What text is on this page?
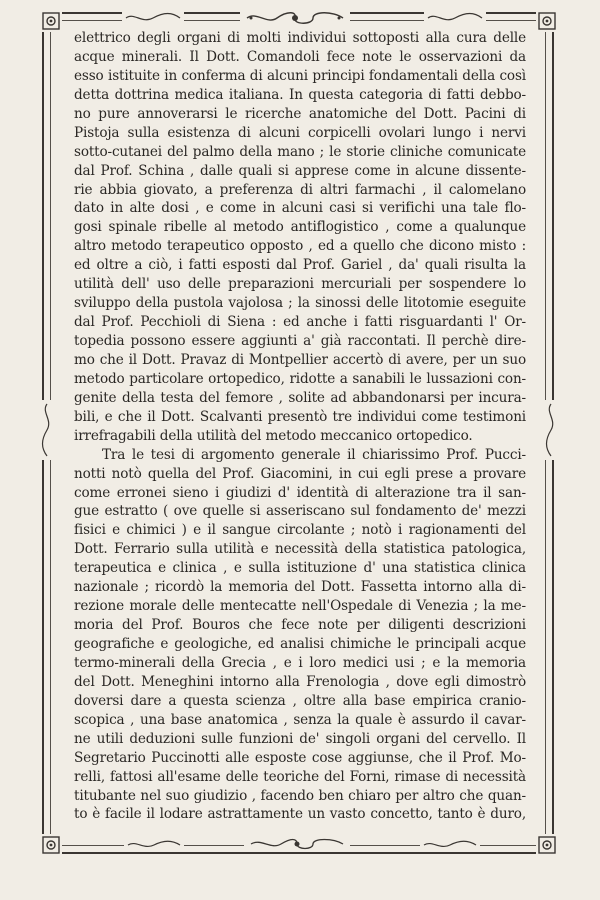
elettrico degli organi di molti individui sottoposti alla cura delle
acque minerali. Il Dott. Comandoli fece note le osservazioni da
esso istituite in conferma di alcuni principi fondamentali della così
detta dottrina medica italiana. In questa categoria di fatti debbo-
no pure annoverarsi le ricerche anatomiche del Dott. Pacini di
Pistoja sulla esistenza di alcuni corpicelli ovolari lungo i nervi
sotto-cutanei del palmo della mano ; le storie cliniche comunicate
dal Prof. Schina , dalle quali si apprese come in alcune dissente-
rie abbia giovato, a preferenza di altri farmachi , il calomelano
dato in alte dosi , e come in alcuni casi si verifichi una tale flo-
gosi spinale ribelle al metodo antiflogistico , come a qualunque
altro metodo terapeutico opposto , ed a quello che dicono misto :
ed oltre a ciò, i fatti esposti dal Prof. Gariel , da' quali risulta la
utilità dell' uso delle preparazioni mercuriali per sospendere lo
sviluppo della pustola vajolosa ; la sinossi delle litotomie eseguite
dal Prof. Pecchioli di Siena : ed anche i fatti risguardanti l' Or-
topedia possono essere aggiunti a' già raccontati. Il perchè dire-
mo che il Dott. Pravaz di Montpellier accertò di avere, per un suo
metodo particolare ortopedico, ridotte a sanabili le lussazioni con-
genite della testa del femore , solite ad abbandonarsi per incura-
bili, e che il Dott. Scalvanti presentò tre individui come testimoni
irrefragabili della utilità del metodo meccanico ortopedico.
Tra le tesi di argomento generale il chiarissimo Prof. Pucci-
notti notò quella del Prof. Giacomini, in cui egli prese a provare
come erronei sieno i giudizi d' identità di alterazione tra il san-
gue estratto ( ove quelle si asseriscano sul fondamento de' mezzi
fisici e chimici ) e il sangue circolante ; notò i ragionamenti del
Dott. Ferrario sulla utilità e necessità della statistica patologica,
terapeutica e clinica , e sulla istituzione d' una statistica clinica
nazionale ; ricordò la memoria del Dott. Fassetta intorno alla di-
rezione morale delle mentecatte nell'Ospedale di Venezia ; la me-
moria del Prof. Bouros che fece note per diligenti descrizioni
geografiche e geologiche, ed analisi chimiche le principali acque
termo-minerali della Grecia , e i loro medici usi ; e la memoria
del Dott. Meneghini intorno alla Frenologia , dove egli dimostrò
doversi dare a questa scienza , oltre alla base empirica cranio-
scopica , una base anatomica , senza la quale è assurdo il cavar-
ne utili deduzioni sulle funzioni de' singoli organi del cervello. Il
Segretario Puccinotti alle esposte cose aggiunse, che il Prof. Mo-
relli, fattosi all'esame delle teoriche del Forni, rimase di necessità
titubante nel suo giudizio , facendo ben chiaro per altro che quan-
to è facile il lodare astrattamente un vasto concetto, tanto è duro,
